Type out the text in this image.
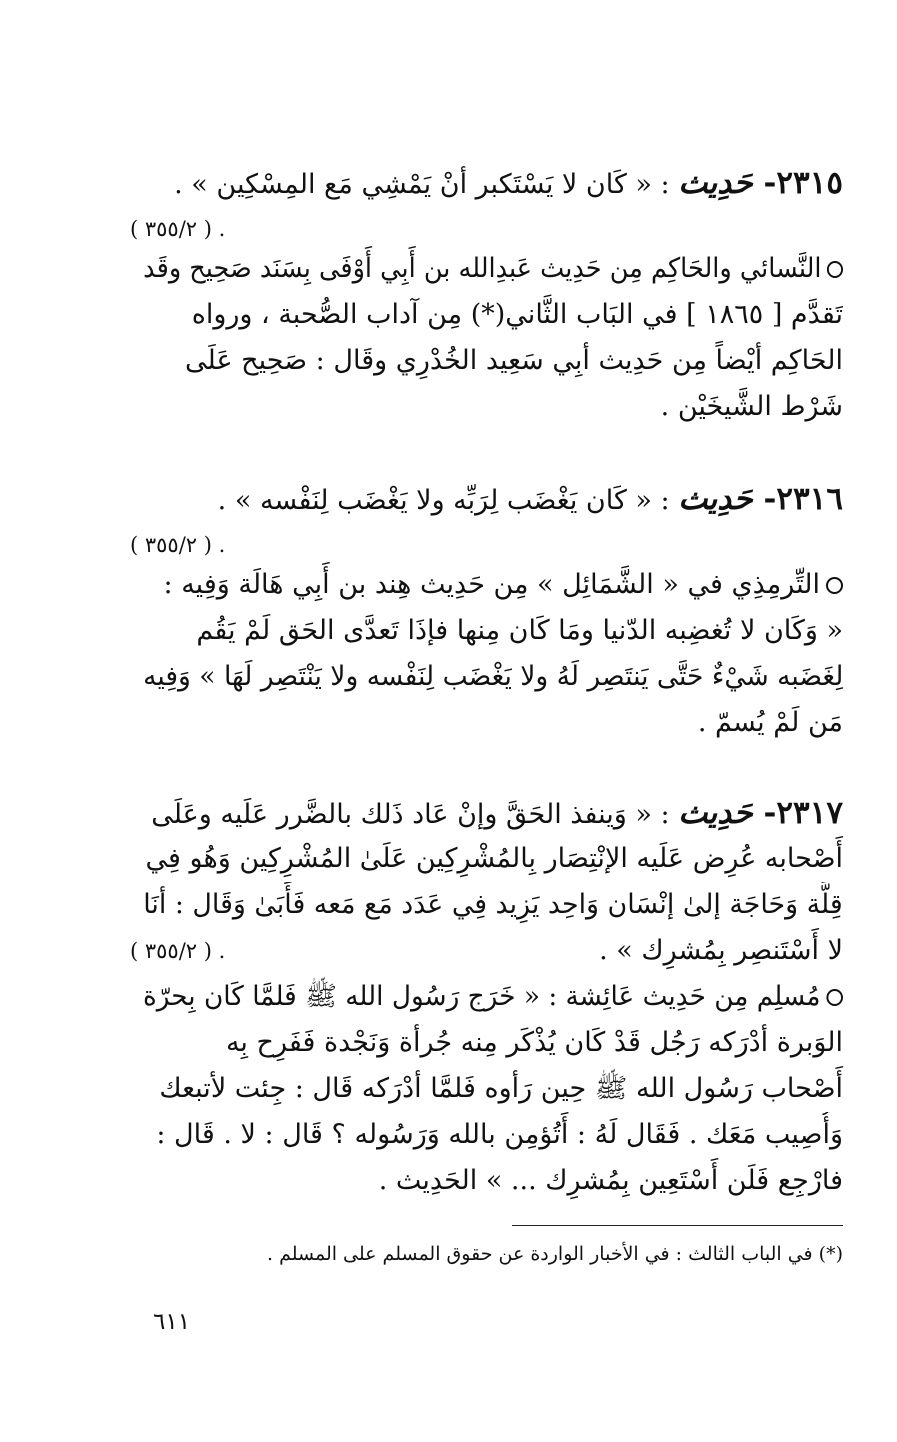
٢٣١٥- حَدِيث : « كَان لا يَسْتَكبر أنْ يَمْشِي مَع المِسْكِين » .
. ( ٣٥٥/٢ )
النَّسائي والحَاكِم مِن حَدِيث عَبدِالله بن أَبِي أَوْفَى بِسَنَد صَحِيح وقَد
تَقدَّم [ ١٨٦٥ ] في البَاب الثَّاني(*) مِن آداب الصُّحبة ، ورواه
الحَاكِم أيْضاً مِن حَدِيث أبِي سَعِيد الخُدْرِي وقَال : صَحِيح عَلَى
شَرْط الشَّيخَيْن .
٢٣١٦- حَدِيث : « كَان يَغْضَب لِرَبِّه ولا يَغْضَب لِنَفْسه » .
. ( ٣٥٥/٢ )
التِّرمِذِي في « الشَّمَائِل » مِن حَدِيث هِند بن أَبِي هَالَة وَفِيه :
« وَكَان لا تُغضِبه الدّنيا ومَا كَان مِنها فإذَا تَعدَّى الحَق لَمْ يَقُم
لِغَضَبه شَيْءٌ حَتَّى يَنتَصِر لَهُ ولا يَغْضَب لِنَفْسه ولا يَنْتَصِر لَهَا » وَفِيه
مَن لَمْ يُسمّ .
٢٣١٧- حَدِيث : « وَينفذ الحَقَّ وإنْ عَاد ذَلك بالضَّرر عَلَيه وعَلَى
أَصْحابه عُرِض عَلَيه الإنْتِصَار بِالمُشْرِكِين عَلَىٰ المُشْرِكِين وَهُو فِي
قِلَّة وَحَاجَة إلىٰ إنْسَان وَاحِد يَزِيد فِي عَدَد مَع مَعه فَأَبَىٰ وَقَال : أنَا
لا أَسْتَنصِر بِمُشرِك » .
. ( ٣٥٥/٢ )
مُسلِم مِن حَدِيث عَائِشة : « خَرَج رَسُول الله ﷺ فَلمَّا كَان بِحرّة
الوَبرة أدْرَكه رَجُل قَدْ كَان يُذْكَر مِنه جُرأة وَنَجْدة فَفَرِح بِه
أَصْحاب رَسُول الله ﷺ حِين رَأوه فَلمَّا أدْرَكه قَال : جِئت لأتبعك
وَأُصِيب مَعَك . فَقَال لَهُ : أَتُؤمِن بالله وَرَسُوله ؟ قَال : لا . قَال :
فارْجِع فَلَن أَسْتَعِين بِمُشرِك ... » الحَدِيث .
(*) في الباب الثالث : في الأخبار الواردة عن حقوق المسلم على المسلم .
٦١١
